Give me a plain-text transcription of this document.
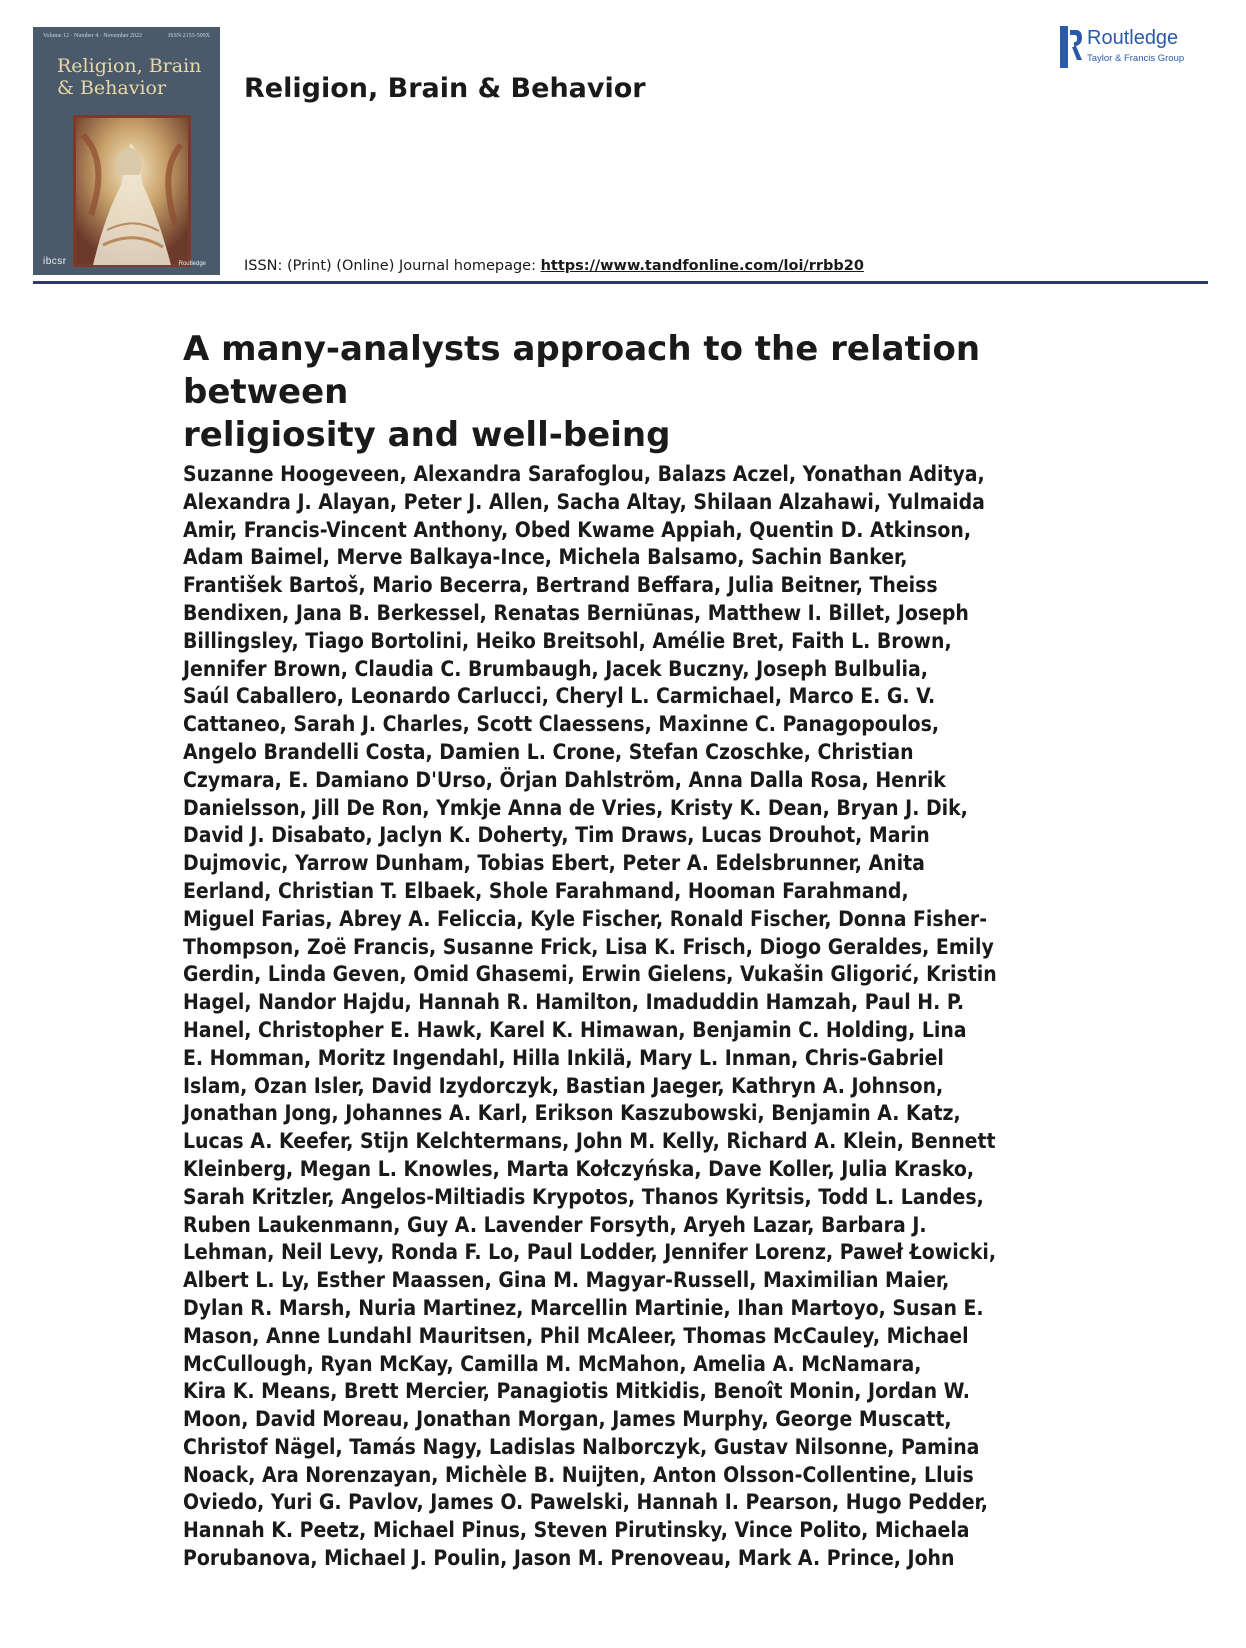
Volume 12 · Number 4 · November 2022	ISSN 2153-599X
Religion, Brain
& Behavior
ibcsr	Routledge
Religion, Brain & Behavior
ISSN: (Print) (Online) Journal homepage: https://www.tandfonline.com/loi/rrbb20
Routledge
Taylor & Francis Group
A many-analysts approach to the relation between
religiosity and well-being
Suzanne Hoogeveen, Alexandra Sarafoglou, Balazs Aczel, Yonathan Aditya,
Alexandra J. Alayan, Peter J. Allen, Sacha Altay, Shilaan Alzahawi, Yulmaida
Amir, Francis-Vincent Anthony, Obed Kwame Appiah, Quentin D. Atkinson,
Adam Baimel, Merve Balkaya-Ince, Michela Balsamo, Sachin Banker,
František Bartoš, Mario Becerra, Bertrand Beffara, Julia Beitner, Theiss
Bendixen, Jana B. Berkessel, Renatas Berniūnas, Matthew I. Billet, Joseph
Billingsley, Tiago Bortolini, Heiko Breitsohl, Amélie Bret, Faith L. Brown,
Jennifer Brown, Claudia C. Brumbaugh, Jacek Buczny, Joseph Bulbulia,
Saúl Caballero, Leonardo Carlucci, Cheryl L. Carmichael, Marco E. G. V.
Cattaneo, Sarah J. Charles, Scott Claessens, Maxinne C. Panagopoulos,
Angelo Brandelli Costa, Damien L. Crone, Stefan Czoschke, Christian
Czymara, E. Damiano D'Urso, Örjan Dahlström, Anna Dalla Rosa, Henrik
Danielsson, Jill De Ron, Ymkje Anna de Vries, Kristy K. Dean, Bryan J. Dik,
David J. Disabato, Jaclyn K. Doherty, Tim Draws, Lucas Drouhot, Marin
Dujmovic, Yarrow Dunham, Tobias Ebert, Peter A. Edelsbrunner, Anita
Eerland, Christian T. Elbaek, Shole Farahmand, Hooman Farahmand,
Miguel Farias, Abrey A. Feliccia, Kyle Fischer, Ronald Fischer, Donna Fisher-
Thompson, Zoë Francis, Susanne Frick, Lisa K. Frisch, Diogo Geraldes, Emily
Gerdin, Linda Geven, Omid Ghasemi, Erwin Gielens, Vukašin Gligorić, Kristin
Hagel, Nandor Hajdu, Hannah R. Hamilton, Imaduddin Hamzah, Paul H. P.
Hanel, Christopher E. Hawk, Karel K. Himawan, Benjamin C. Holding, Lina
E. Homman, Moritz Ingendahl, Hilla Inkilä, Mary L. Inman, Chris-Gabriel
Islam, Ozan Isler, David Izydorczyk, Bastian Jaeger, Kathryn A. Johnson,
Jonathan Jong, Johannes A. Karl, Erikson Kaszubowski, Benjamin A. Katz,
Lucas A. Keefer, Stijn Kelchtermans, John M. Kelly, Richard A. Klein, Bennett
Kleinberg, Megan L. Knowles, Marta Kołczyńska, Dave Koller, Julia Krasko,
Sarah Kritzler, Angelos-Miltiadis Krypotos, Thanos Kyritsis, Todd L. Landes,
Ruben Laukenmann, Guy A. Lavender Forsyth, Aryeh Lazar, Barbara J.
Lehman, Neil Levy, Ronda F. Lo, Paul Lodder, Jennifer Lorenz, Paweł Łowicki,
Albert L. Ly, Esther Maassen, Gina M. Magyar-Russell, Maximilian Maier,
Dylan R. Marsh, Nuria Martinez, Marcellin Martinie, Ihan Martoyo, Susan E.
Mason, Anne Lundahl Mauritsen, Phil McAleer, Thomas McCauley, Michael
McCullough, Ryan McKay, Camilla M. McMahon, Amelia A. McNamara,
Kira K. Means, Brett Mercier, Panagiotis Mitkidis, Benoît Monin, Jordan W.
Moon, David Moreau, Jonathan Morgan, James Murphy, George Muscatt,
Christof Nägel, Tamás Nagy, Ladislas Nalborczyk, Gustav Nilsonne, Pamina
Noack, Ara Norenzayan, Michèle B. Nuijten, Anton Olsson-Collentine, Lluis
Oviedo, Yuri G. Pavlov, James O. Pawelski, Hannah I. Pearson, Hugo Pedder,
Hannah K. Peetz, Michael Pinus, Steven Pirutinsky, Vince Polito, Michaela
Porubanova, Michael J. Poulin, Jason M. Prenoveau, Mark A. Prince, John
